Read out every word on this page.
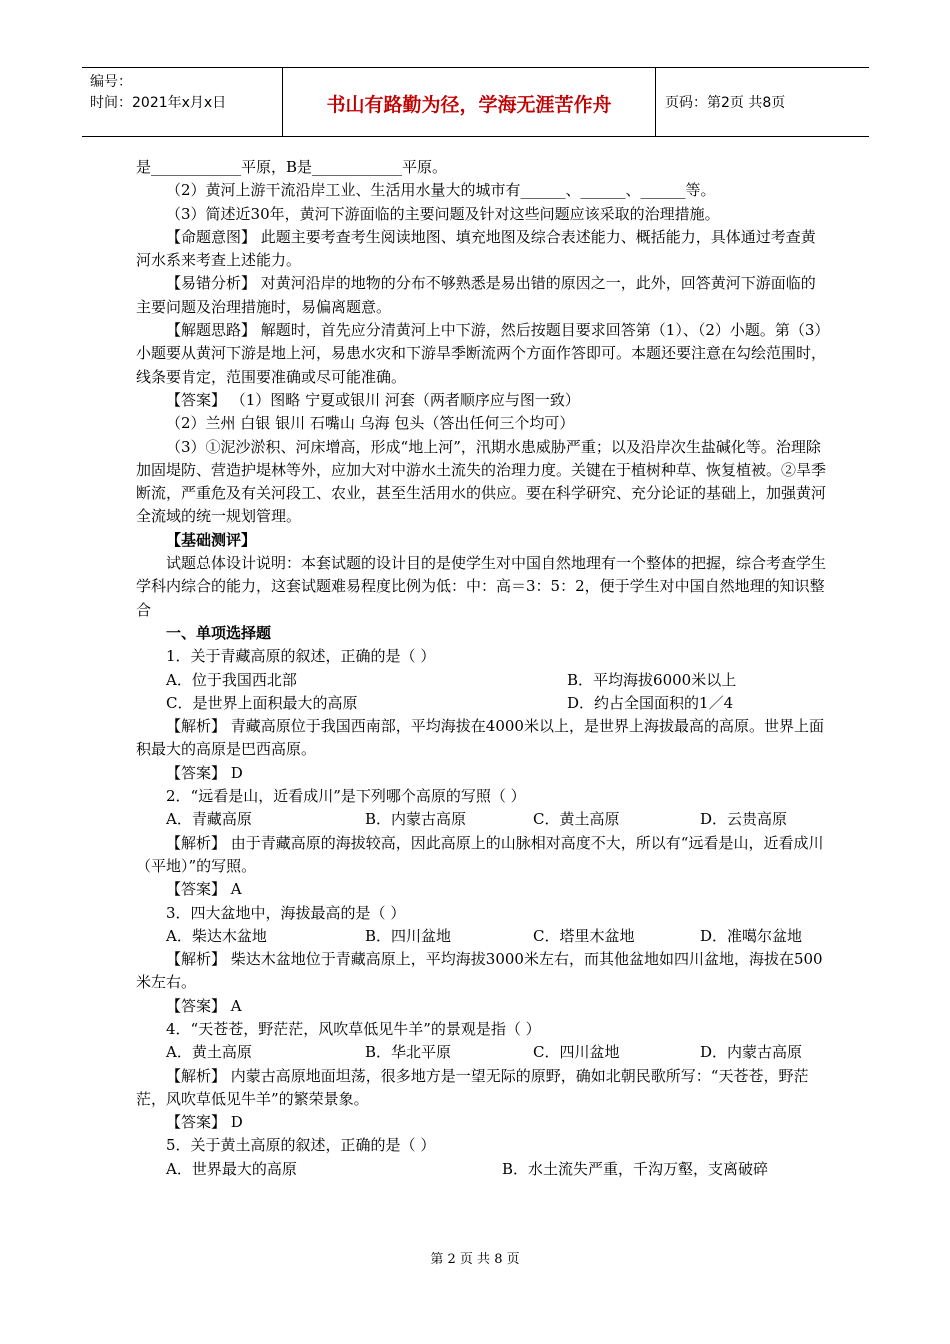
编号：
时间：2021年x月x日	书山有路勤为径，学海无涯苦作舟	页码：第2页 共8页

是____________平原，B是____________平原。

（2）黄河上游干流沿岸工业、生活用水量大的城市有______、______、______等。

（3）简述近30年，黄河下游面临的主要问题及针对这些问题应该采取的治理措施。

【命题意图】 此题主要考查考生阅读地图、填充地图及综合表述能力、概括能力，具体通过考查黄河水系来考查上述能力。

【易错分析】 对黄河沿岸的地物的分布不够熟悉是易出错的原因之一，此外，回答黄河下游面临的主要问题及治理措施时，易偏离题意。

【解题思路】 解题时，首先应分清黄河上中下游，然后按题目要求回答第（1）、（2）小题。第（3）小题要从黄河下游是地上河，易患水灾和下游旱季断流两个方面作答即可。本题还要注意在勾绘范围时，线条要肯定，范围要准确或尽可能准确。

【答案】 （1）图略 宁夏或银川 河套（两者顺序应与图一致）

（2）兰州 白银 银川 石嘴山 乌海 包头（答出任何三个均可）

（3）①泥沙淤积、河床增高，形成“地上河”，汛期水患威胁严重；以及沿岸次生盐碱化等。治理除加固堤防、营造护堤林等外，应加大对中游水土流失的治理力度。关键在于植树种草、恢复植被。②旱季断流，严重危及有关河段工、农业，甚至生活用水的供应。要在科学研究、充分论证的基础上，加强黄河全流域的统一规划管理。

【基础测评】

试题总体设计说明：本套试题的设计目的是使学生对中国自然地理有一个整体的把握，综合考查学生学科内综合的能力，这套试题难易程度比例为低：中：高＝3：5：2，便于学生对中国自然地理的知识整合

一、单项选择题

1．关于青藏高原的叙述，正确的是（ ）

A．位于我国西北部	B．平均海拔6000米以上
C．是世界上面积最大的高原	D．约占全国面积的1／4

【解析】 青藏高原位于我国西南部，平均海拔在4000米以上，是世界上海拔最高的高原。世界上面积最大的高原是巴西高原。

【答案】 D

2．“远看是山，近看成川”是下列哪个高原的写照（ ）

A．青藏高原	B．内蒙古高原	C．黄土高原	D．云贵高原

【解析】 由于青藏高原的海拔较高，因此高原上的山脉相对高度不大，所以有“远看是山，近看成川（平地）”的写照。

【答案】 A

3．四大盆地中，海拔最高的是（ ）

A．柴达木盆地	B．四川盆地	C．塔里木盆地	D．准噶尔盆地

【解析】 柴达木盆地位于青藏高原上，平均海拔3000米左右，而其他盆地如四川盆地，海拔在500米左右。

【答案】 A

4．“天苍苍，野茫茫，风吹草低见牛羊”的景观是指（ ）

A．黄土高原	B．华北平原	C．四川盆地	D．内蒙古高原

【解析】 内蒙古高原地面坦荡，很多地方是一望无际的原野，确如北朝民歌所写：“天苍苍，野茫茫，风吹草低见牛羊”的繁荣景象。

【答案】 D

5．关于黄土高原的叙述，正确的是（ ）

A．世界最大的高原	B．水土流失严重，千沟万壑，支离破碎
第 2 页 共 8 页
